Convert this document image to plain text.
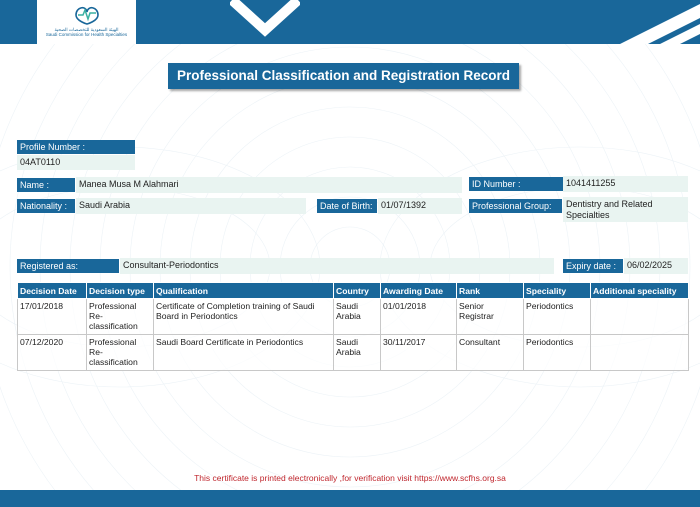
الهيئة السعودية للتخصصات الصحية
Saudi Commission for Health Specialties
Professional Classification and Registration Record
Profile Number :
04AT0110
Name :	Manea Musa M Alahmari	ID Number :	1041411255
Nationality :	Saudi Arabia	Date of Birth: 01/07/1392	Professional Group:	Dentistry and Related Specialties
Registered as:	Consultant-Periodontics	Expiry date :	06/02/2025
Decision Date	Decision type	Qualification	Country	Awarding Date	Rank	Speciality	Additional speciality
17/01/2018	Professional Re-classification	Certificate of Completion training of Saudi Board in Periodontics	Saudi Arabia	01/01/2018	Senior Registrar	Periodontics	
07/12/2020	Professional Re-classification	Saudi Board Certificate in Periodontics	Saudi Arabia	30/11/2017	Consultant	Periodontics	
This certificate is printed electronically ,for verification visit https://www.scfhs.org.sa
